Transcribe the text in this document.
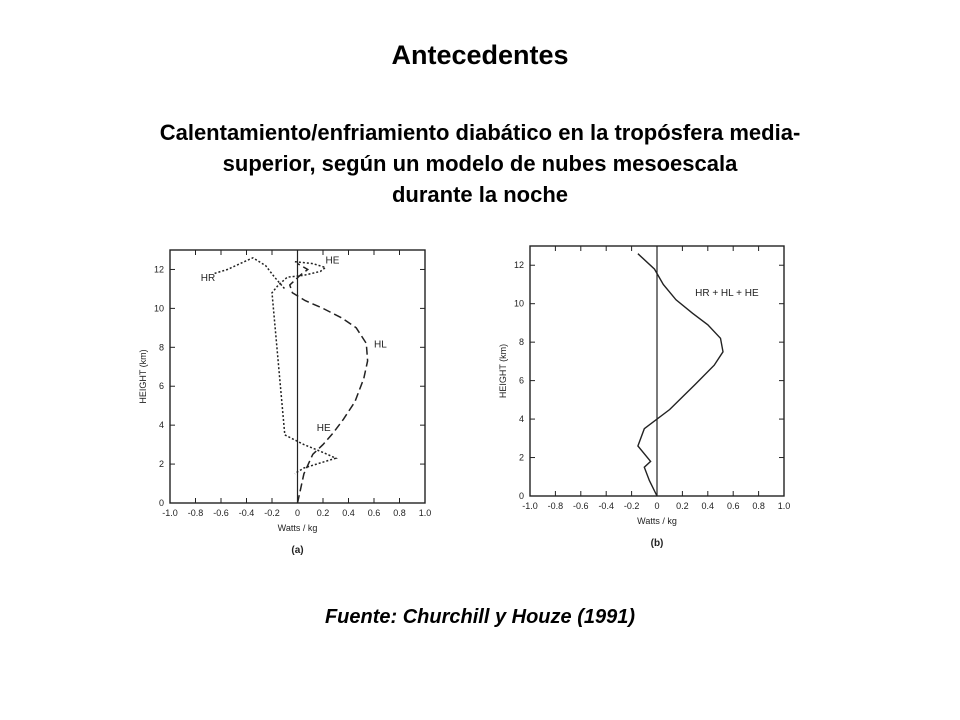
Antecedentes
Calentamiento/enfriamiento diabático en la tropósfera media-
superior, según un modelo de nubes mesoescala
durante la noche
-1.0 -0.8 -0.6 -0.4 -0.2 0 0.2 0.4 0.6 0.8 1.0
0
2
4
6
8
10
12
Watts / kg
HEIGHT (km)
(a)
HE
HR
HL
HE
-1.0 -0.8 -0.6 -0.4 -0.2 0 0.2 0.4 0.6 0.8 1.0
0
2
4
6
8
10
12
Watts / kg
HEIGHT (km)
(b)
HR + HL + HE
Fuente: Churchill y Houze (1991)
